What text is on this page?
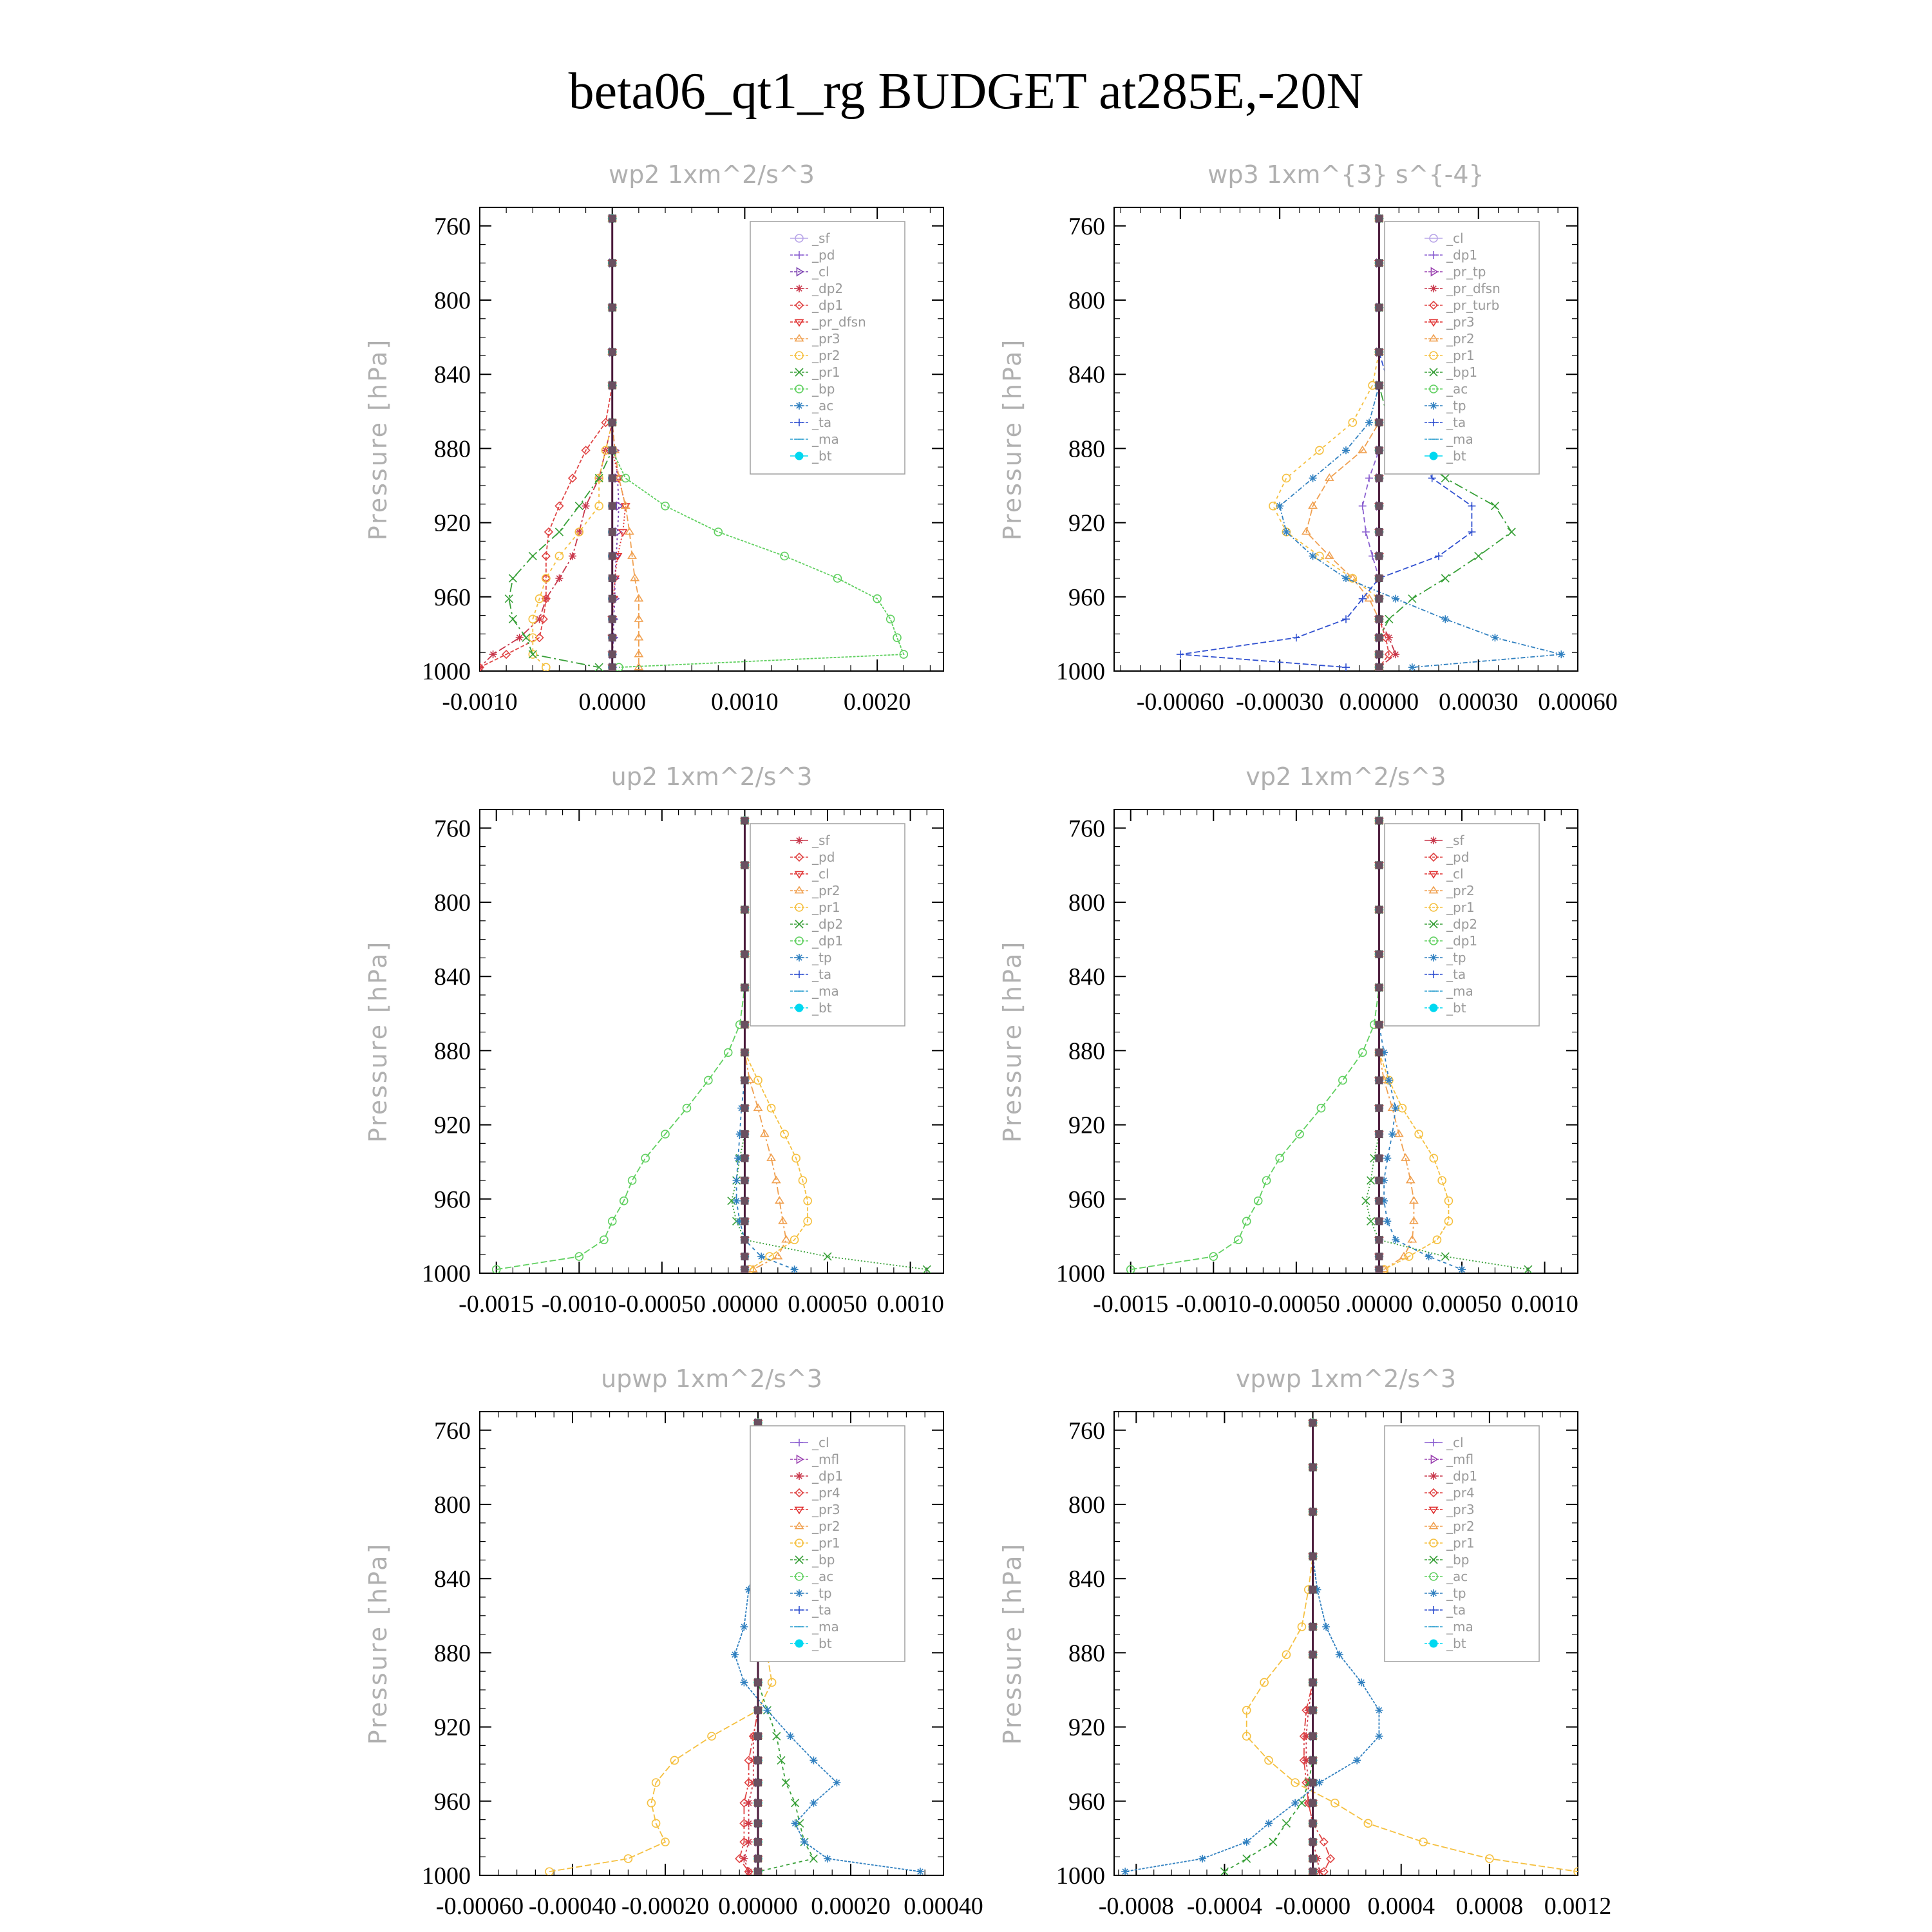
beta06_qt1_rg BUDGET at285E,-20N
wp2 1xm^2/s^3
Pressure [hPa]
760
800
840
880
920
960
1000
-0.0010 0.0000	0.0010	0.0020
_sf
_pd
_cl
_dp2
_dp1
_pr_dfsn
_pr3
_pr2
_pr1
_bp
_ac
_ta
_ma
_bt
wp3 1xm^{3} s^{-4}
Pressure [hPa]
760
800
840
880
920
960
1000
-0.00060 -0.00030 0.00000 0.00030 0.00060
_cl
_dp1
_pr_tp
_pr_dfsn
_pr_turb
_pr3
_pr2
_pr1
_bp1
_ac
_tp
_ta
_ma
_bt
up2 1xm^2/s^3
Pressure [hPa]
760
800
840
880
920
960
1000
-0.0015 -0.0010 -0.00050 .00000 0.00050 0.0010
_sf
_pd
_cl
_pr2
_pr1
_dp2
_dp1
_tp
_ta
_ma
_bt
vp2 1xm^2/s^3
Pressure [hPa]
760
800
840
880
920
960
1000
-0.0015 -0.0010 -0.00050 .00000 0.00050 0.0010
_sf
_pd
_cl
_pr2
_pr1
_dp2
_dp1
_tp
_ta
_ma
_bt
upwp 1xm^2/s^3
Pressure [hPa]
760
800
840
880
920
960
1000
-0.00060 -0.00040 -0.00020 0.00000 0.00020 0.00040
_cl
_mfl
_dp1
_pr4
_pr3
_pr2
_pr1
_bp
_ac
_tp
_ta
_ma
_bt
vpwp 1xm^2/s^3
Pressure [hPa]
760
800
840
880
920
960
1000
-0.0008 -0.0004 -0.0000 0.0004 0.0008 0.0012
_cl
_mfl
_dp1
_pr4
_pr3
_pr2
_pr1
_bp
_ac
_tp
_ta
_ma
_bt
